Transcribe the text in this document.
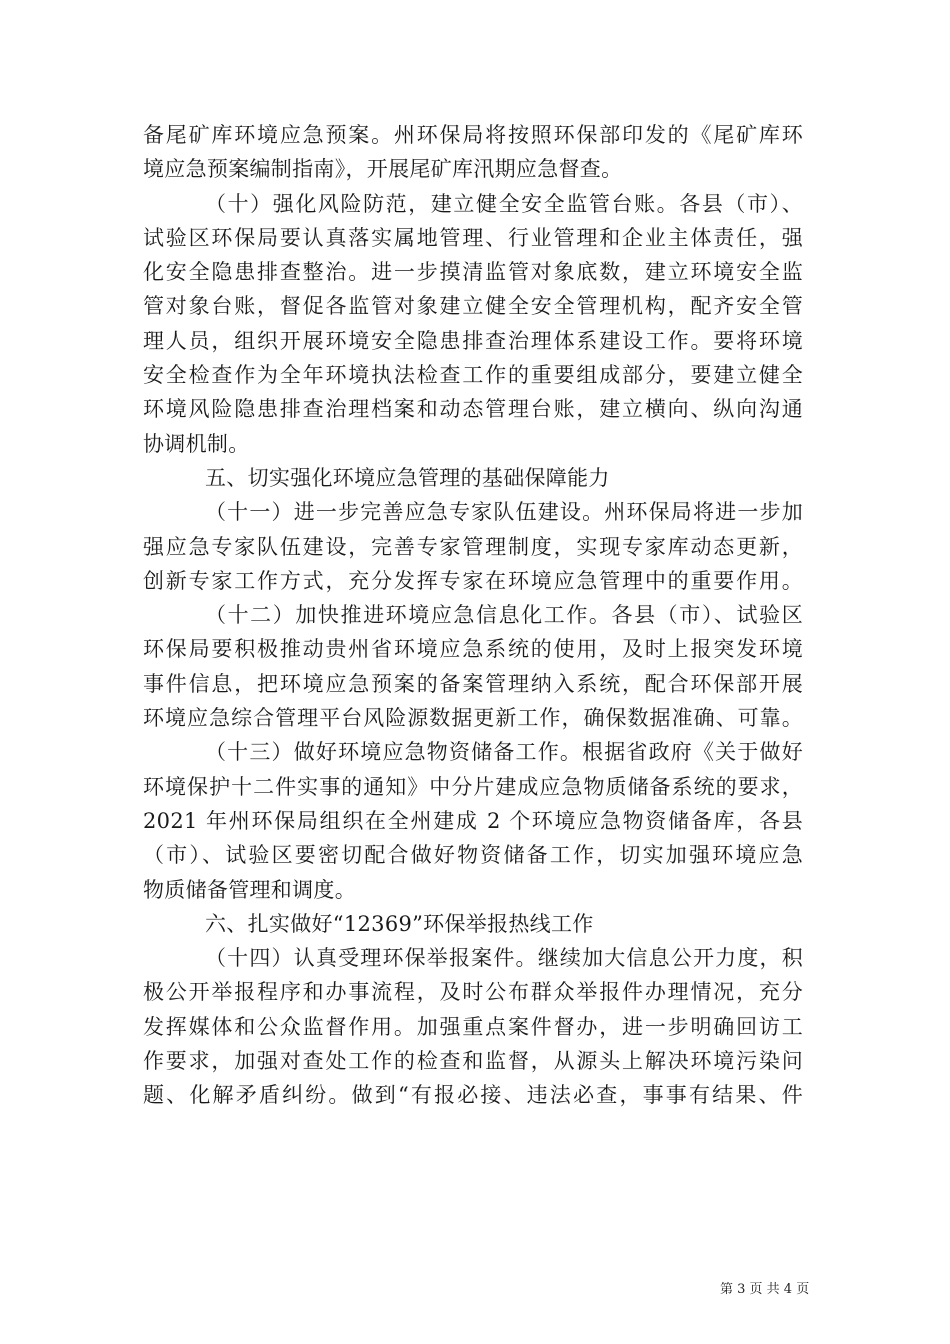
备尾矿库环境应急预案。州环保局将按照环保部印发的《尾矿库环
境应急预案编制指南》，开展尾矿库汛期应急督查。
（十）强化风险防范，建立健全安全监管台账。各县（市）、
试验区环保局要认真落实属地管理、行业管理和企业主体责任，强
化安全隐患排查整治。进一步摸清监管对象底数，建立环境安全监
管对象台账，督促各监管对象建立健全安全管理机构，配齐安全管
理人员，组织开展环境安全隐患排查治理体系建设工作。要将环境
安全检查作为全年环境执法检查工作的重要组成部分，要建立健全
环境风险隐患排查治理档案和动态管理台账，建立横向、纵向沟通
协调机制。
五、切实强化环境应急管理的基础保障能力
（十一）进一步完善应急专家队伍建设。州环保局将进一步加
强应急专家队伍建设，完善专家管理制度，实现专家库动态更新，
创新专家工作方式，充分发挥专家在环境应急管理中的重要作用。
（十二）加快推进环境应急信息化工作。各县（市）、试验区
环保局要积极推动贵州省环境应急系统的使用，及时上报突发环境
事件信息，把环境应急预案的备案管理纳入系统，配合环保部开展
环境应急综合管理平台风险源数据更新工作，确保数据准确、可靠。
（十三）做好环境应急物资储备工作。根据省政府《关于做好
环境保护十二件实事的通知》中分片建成应急物质储备系统的要求，
2021 年州环保局组织在全州建成 2 个环境应急物资储备库，各县
（市）、试验区要密切配合做好物资储备工作，切实加强环境应急
物质储备管理和调度。
六、扎实做好“12369”环保举报热线工作
（十四）认真受理环保举报案件。继续加大信息公开力度，积
极公开举报程序和办事流程，及时公布群众举报件办理情况，充分
发挥媒体和公众监督作用。加强重点案件督办，进一步明确回访工
作要求，加强对查处工作的检查和监督，从源头上解决环境污染问
题、化解矛盾纠纷。做到“有报必接、违法必查，事事有结果、件
第 3 页 共 4 页
